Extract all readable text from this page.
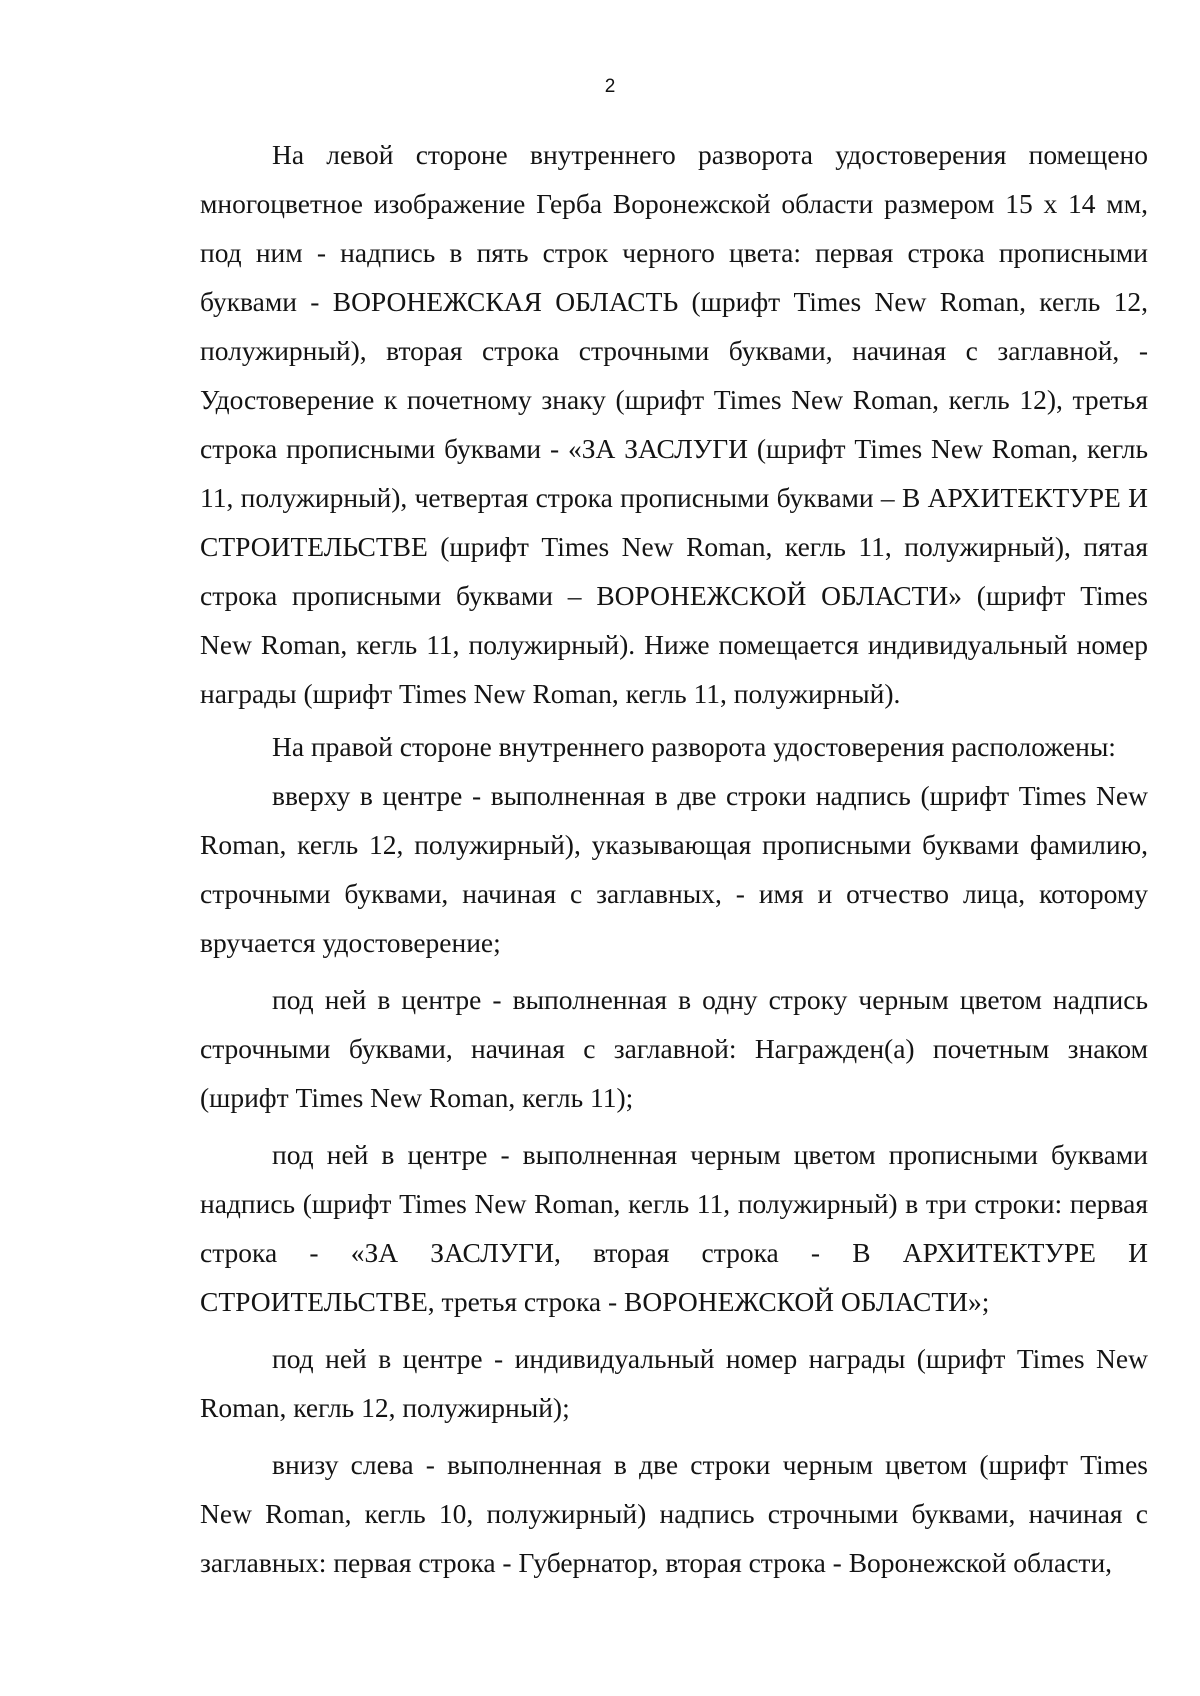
2

На левой стороне внутреннего разворота удостоверения помещено многоцветное изображение Герба Воронежской области размером 15 х 14 мм, под ним - надпись в пять строк черного цвета: первая строка прописными буквами - ВОРОНЕЖСКАЯ ОБЛАСТЬ (шрифт Times New Roman, кегль 12, полужирный), вторая строка строчными буквами, начиная с заглавной, - Удостоверение к почетному знаку (шрифт Times New Roman, кегль 12), третья строка прописными буквами - «ЗА ЗАСЛУГИ (шрифт Times New Roman, кегль 11, полужирный), четвертая строка прописными буквами – В АРХИТЕКТУРЕ И СТРОИТЕЛЬСТВЕ (шрифт Times New Roman, кегль 11, полужирный), пятая строка прописными буквами – ВОРОНЕЖСКОЙ ОБЛАСТИ» (шрифт Times New Roman, кегль 11, полужирный). Ниже помещается индивидуальный номер награды (шрифт Times New Roman, кегль 11, полужирный).

На правой стороне внутреннего разворота удостоверения расположены:

вверху в центре - выполненная в две строки надпись (шрифт Times New Roman, кегль 12, полужирный), указывающая прописными буквами фамилию, строчными буквами, начиная с заглавных, - имя и отчество лица, которому вручается удостоверение;

под ней в центре - выполненная в одну строку черным цветом надпись строчными буквами, начиная с заглавной: Награжден(а) почетным знаком (шрифт Times New Roman, кегль 11);

под ней в центре - выполненная черным цветом прописными буквами надпись (шрифт Times New Roman, кегль 11, полужирный) в три строки: первая строка - «ЗА ЗАСЛУГИ, вторая строка - В АРХИТЕКТУРЕ И СТРОИТЕЛЬСТВЕ, третья строка - ВОРОНЕЖСКОЙ ОБЛАСТИ»;

под ней в центре - индивидуальный номер награды (шрифт Times New Roman, кегль 12, полужирный);

внизу слева - выполненная в две строки черным цветом (шрифт Times New Roman, кегль 10, полужирный) надпись строчными буквами, начиная с заглавных: первая строка - Губернатор, вторая строка - Воронежской области,
